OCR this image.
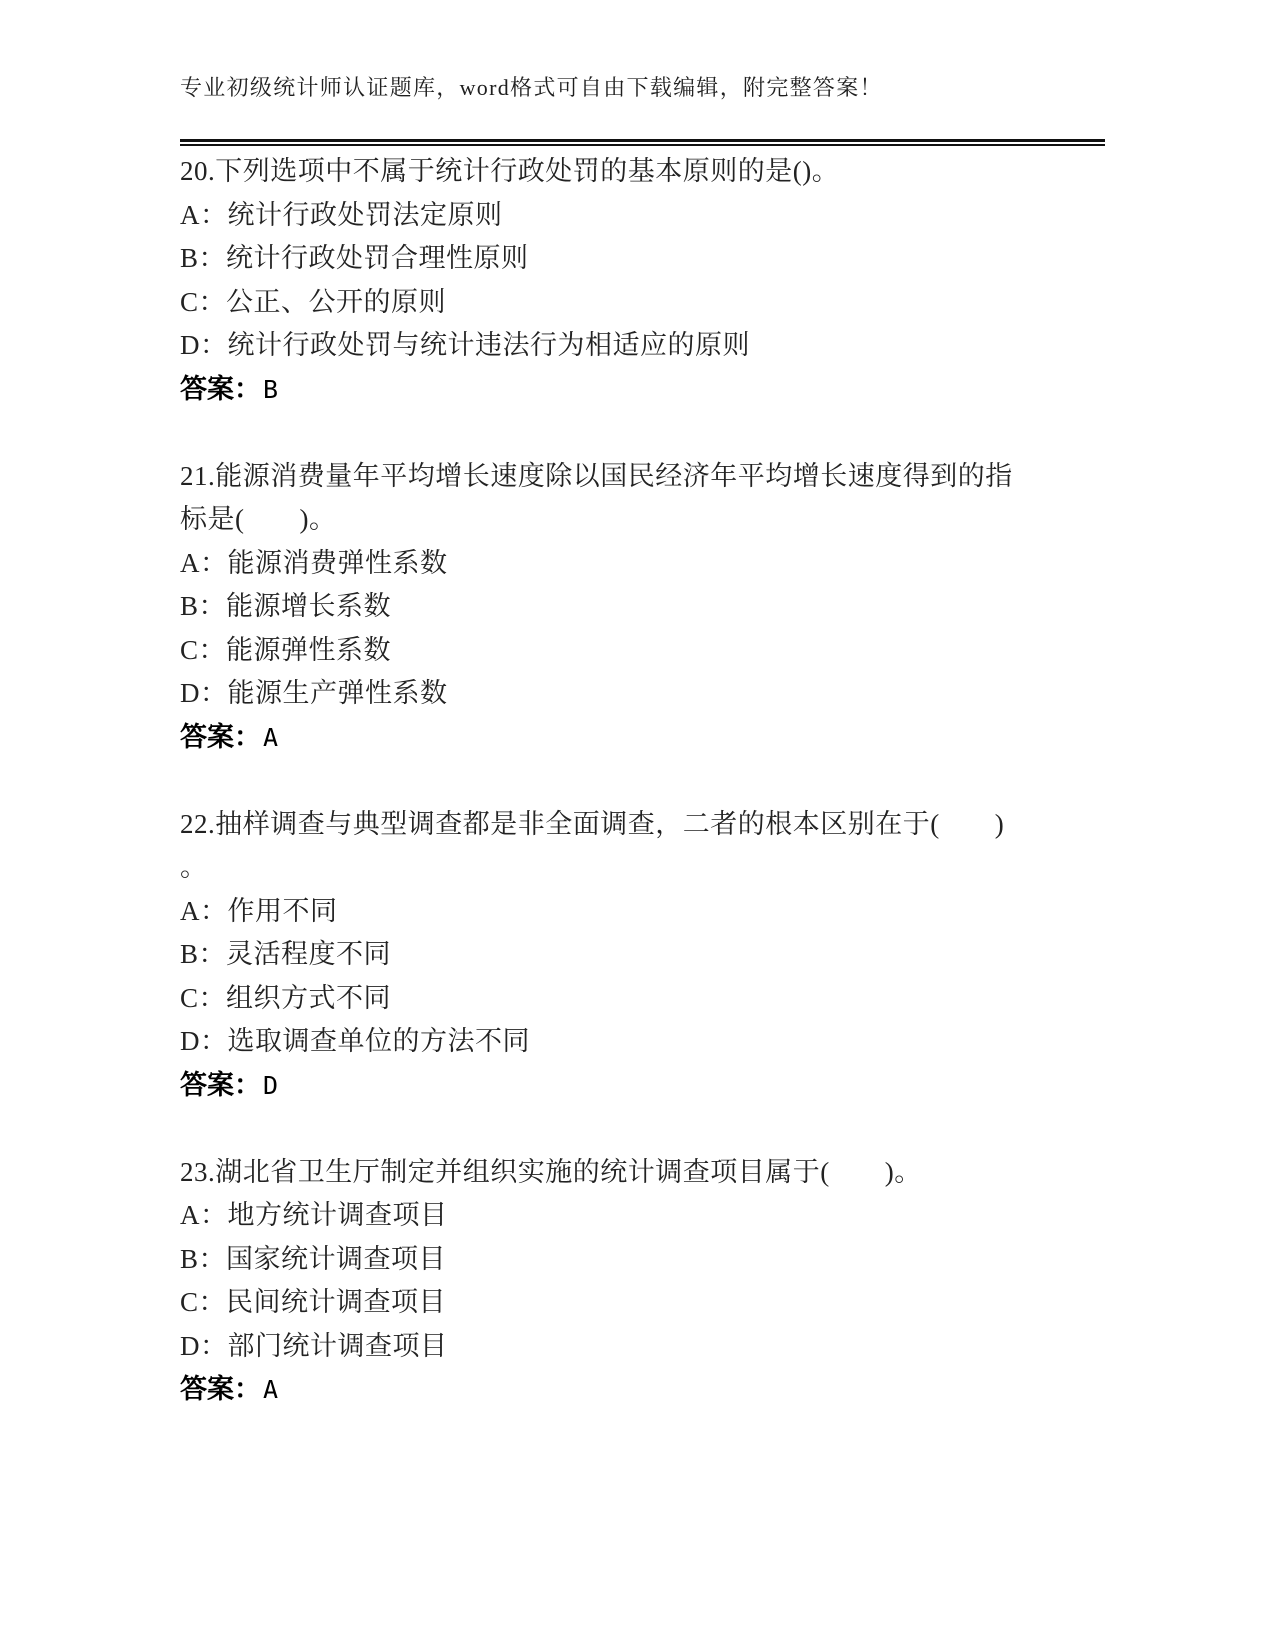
专业初级统计师认证题库，word格式可自由下载编辑，附完整答案！
20.下列选项中不属于统计行政处罚的基本原则的是()。
A：统计行政处罚法定原则
B：统计行政处罚合理性原则
C：公正、公开的原则
D：统计行政处罚与统计违法行为相适应的原则
答案：B
21.能源消费量年平均增长速度除以国民经济年平均增长速度得到的指
标是(　　)。
A：能源消费弹性系数
B：能源增长系数
C：能源弹性系数
D：能源生产弹性系数
答案：A
22.抽样调查与典型调查都是非全面调查，二者的根本区别在于(　　)
。
A：作用不同
B：灵活程度不同
C：组织方式不同
D：选取调查单位的方法不同
答案：D
23.湖北省卫生厅制定并组织实施的统计调查项目属于(　　)。
A：地方统计调查项目
B：国家统计调查项目
C：民间统计调查项目
D：部门统计调查项目
答案：A
